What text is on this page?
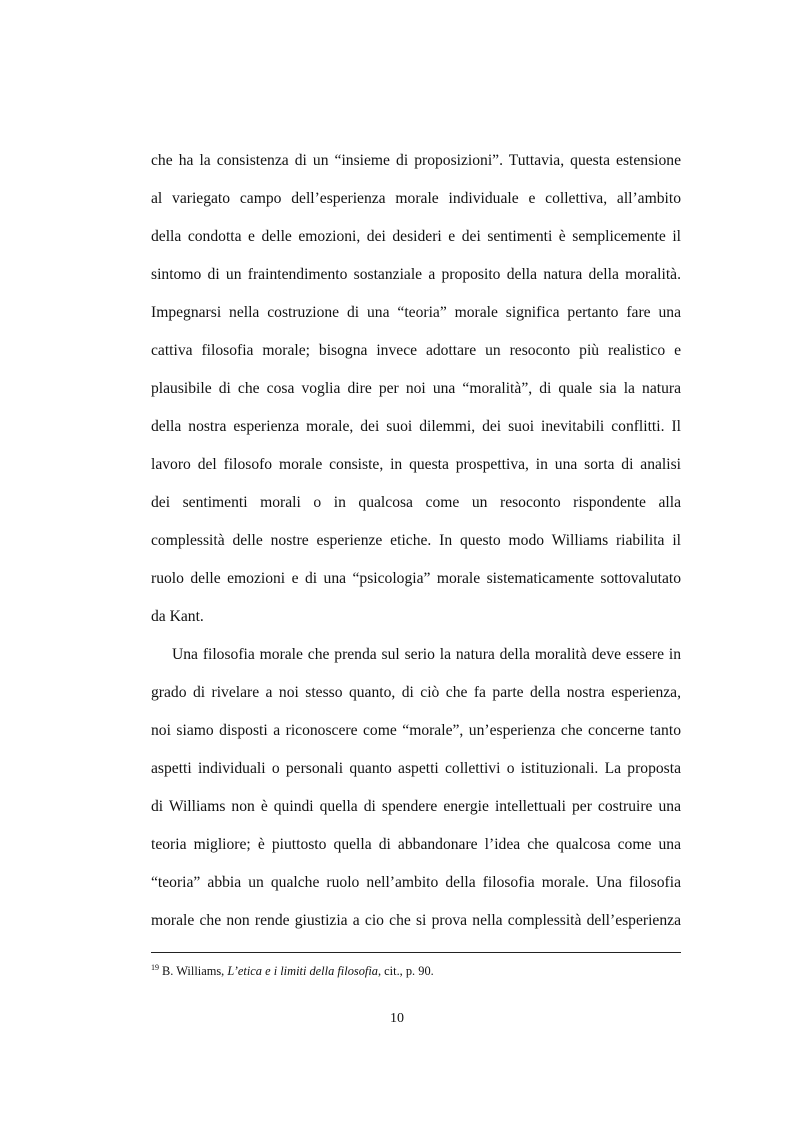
che ha la consistenza di un “insieme di proposizioni”. Tuttavia, questa estensione
al variegato campo dell’esperienza morale individuale e collettiva, all’ambito
della condotta e delle emozioni, dei desideri e dei sentimenti è semplicemente il
sintomo di un fraintendimento sostanziale a proposito della natura della moralità.
Impegnarsi nella costruzione di una “teoria” morale significa pertanto fare una
cattiva filosofia morale; bisogna invece adottare un resoconto più realistico e
plausibile di che cosa voglia dire per noi una “moralità”, di quale sia la natura
della nostra esperienza morale, dei suoi dilemmi, dei suoi inevitabili conflitti. Il
lavoro del filosofo morale consiste, in questa prospettiva, in una sorta di analisi
dei sentimenti morali o in qualcosa come un resoconto rispondente alla
complessità delle nostre esperienze etiche. In questo modo Williams riabilita il
ruolo delle emozioni e di una “psicologia” morale sistematicamente sottovalutato
da Kant.
Una filosofia morale che prenda sul serio la natura della moralità deve essere in
grado di rivelare a noi stesso quanto, di ciò che fa parte della nostra esperienza,
noi siamo disposti a riconoscere come “morale”, un’esperienza che concerne tanto
aspetti individuali o personali quanto aspetti collettivi o istituzionali. La proposta
di Williams non è quindi quella di spendere energie intellettuali per costruire una
teoria migliore; è piuttosto quella di abbandonare l’idea che qualcosa come una
“teoria” abbia un qualche ruolo nell’ambito della filosofia morale. Una filosofia
morale che non rende giustizia a cio che si prova nella complessità dell’esperienza
$^{19}$ B. Williams, L’etica e i limiti della filosofia, cit., p. 90.
10
